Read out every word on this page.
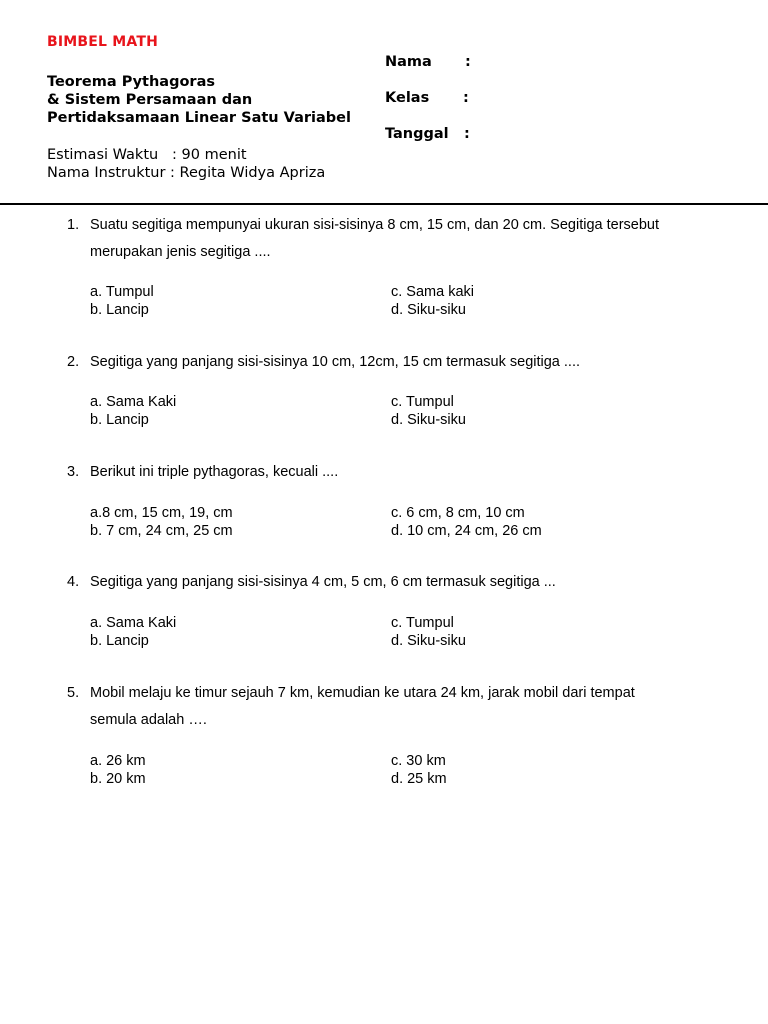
BIMBEL MATH
Teorema Pythagoras
& Sistem Persamaan dan
Pertidaksamaan Linear Satu Variabel
Estimasi Waktu   : 90 menit
Nama Instruktur : Regita Widya Apriza
Nama :
Kelas :
Tanggal :
1. Suatu segitiga mempunyai ukuran sisi-sisinya 8 cm, 15 cm, dan 20 cm. Segitiga tersebut merupakan jenis segitiga ....
a. Tumpul
b. Lancip
c. Sama kaki
d. Siku-siku
2. Segitiga yang panjang sisi-sisinya 10 cm, 12cm, 15 cm termasuk segitiga ....
a. Sama Kaki
b. Lancip
c. Tumpul
d. Siku-siku
3. Berikut ini triple pythagoras, kecuali ....
a.8 cm, 15 cm, 19, cm
b. 7 cm, 24 cm, 25 cm
c. 6 cm, 8 cm, 10 cm
d. 10 cm, 24 cm, 26 cm
4. Segitiga yang panjang sisi-sisinya 4 cm, 5 cm, 6 cm termasuk segitiga ...
a. Sama Kaki
b. Lancip
c. Tumpul
d. Siku-siku
5. Mobil melaju ke timur sejauh 7 km, kemudian ke utara 24 km, jarak mobil dari tempat semula adalah ….
a. 26 km
b. 20 km
c. 30 km
d. 25 km
